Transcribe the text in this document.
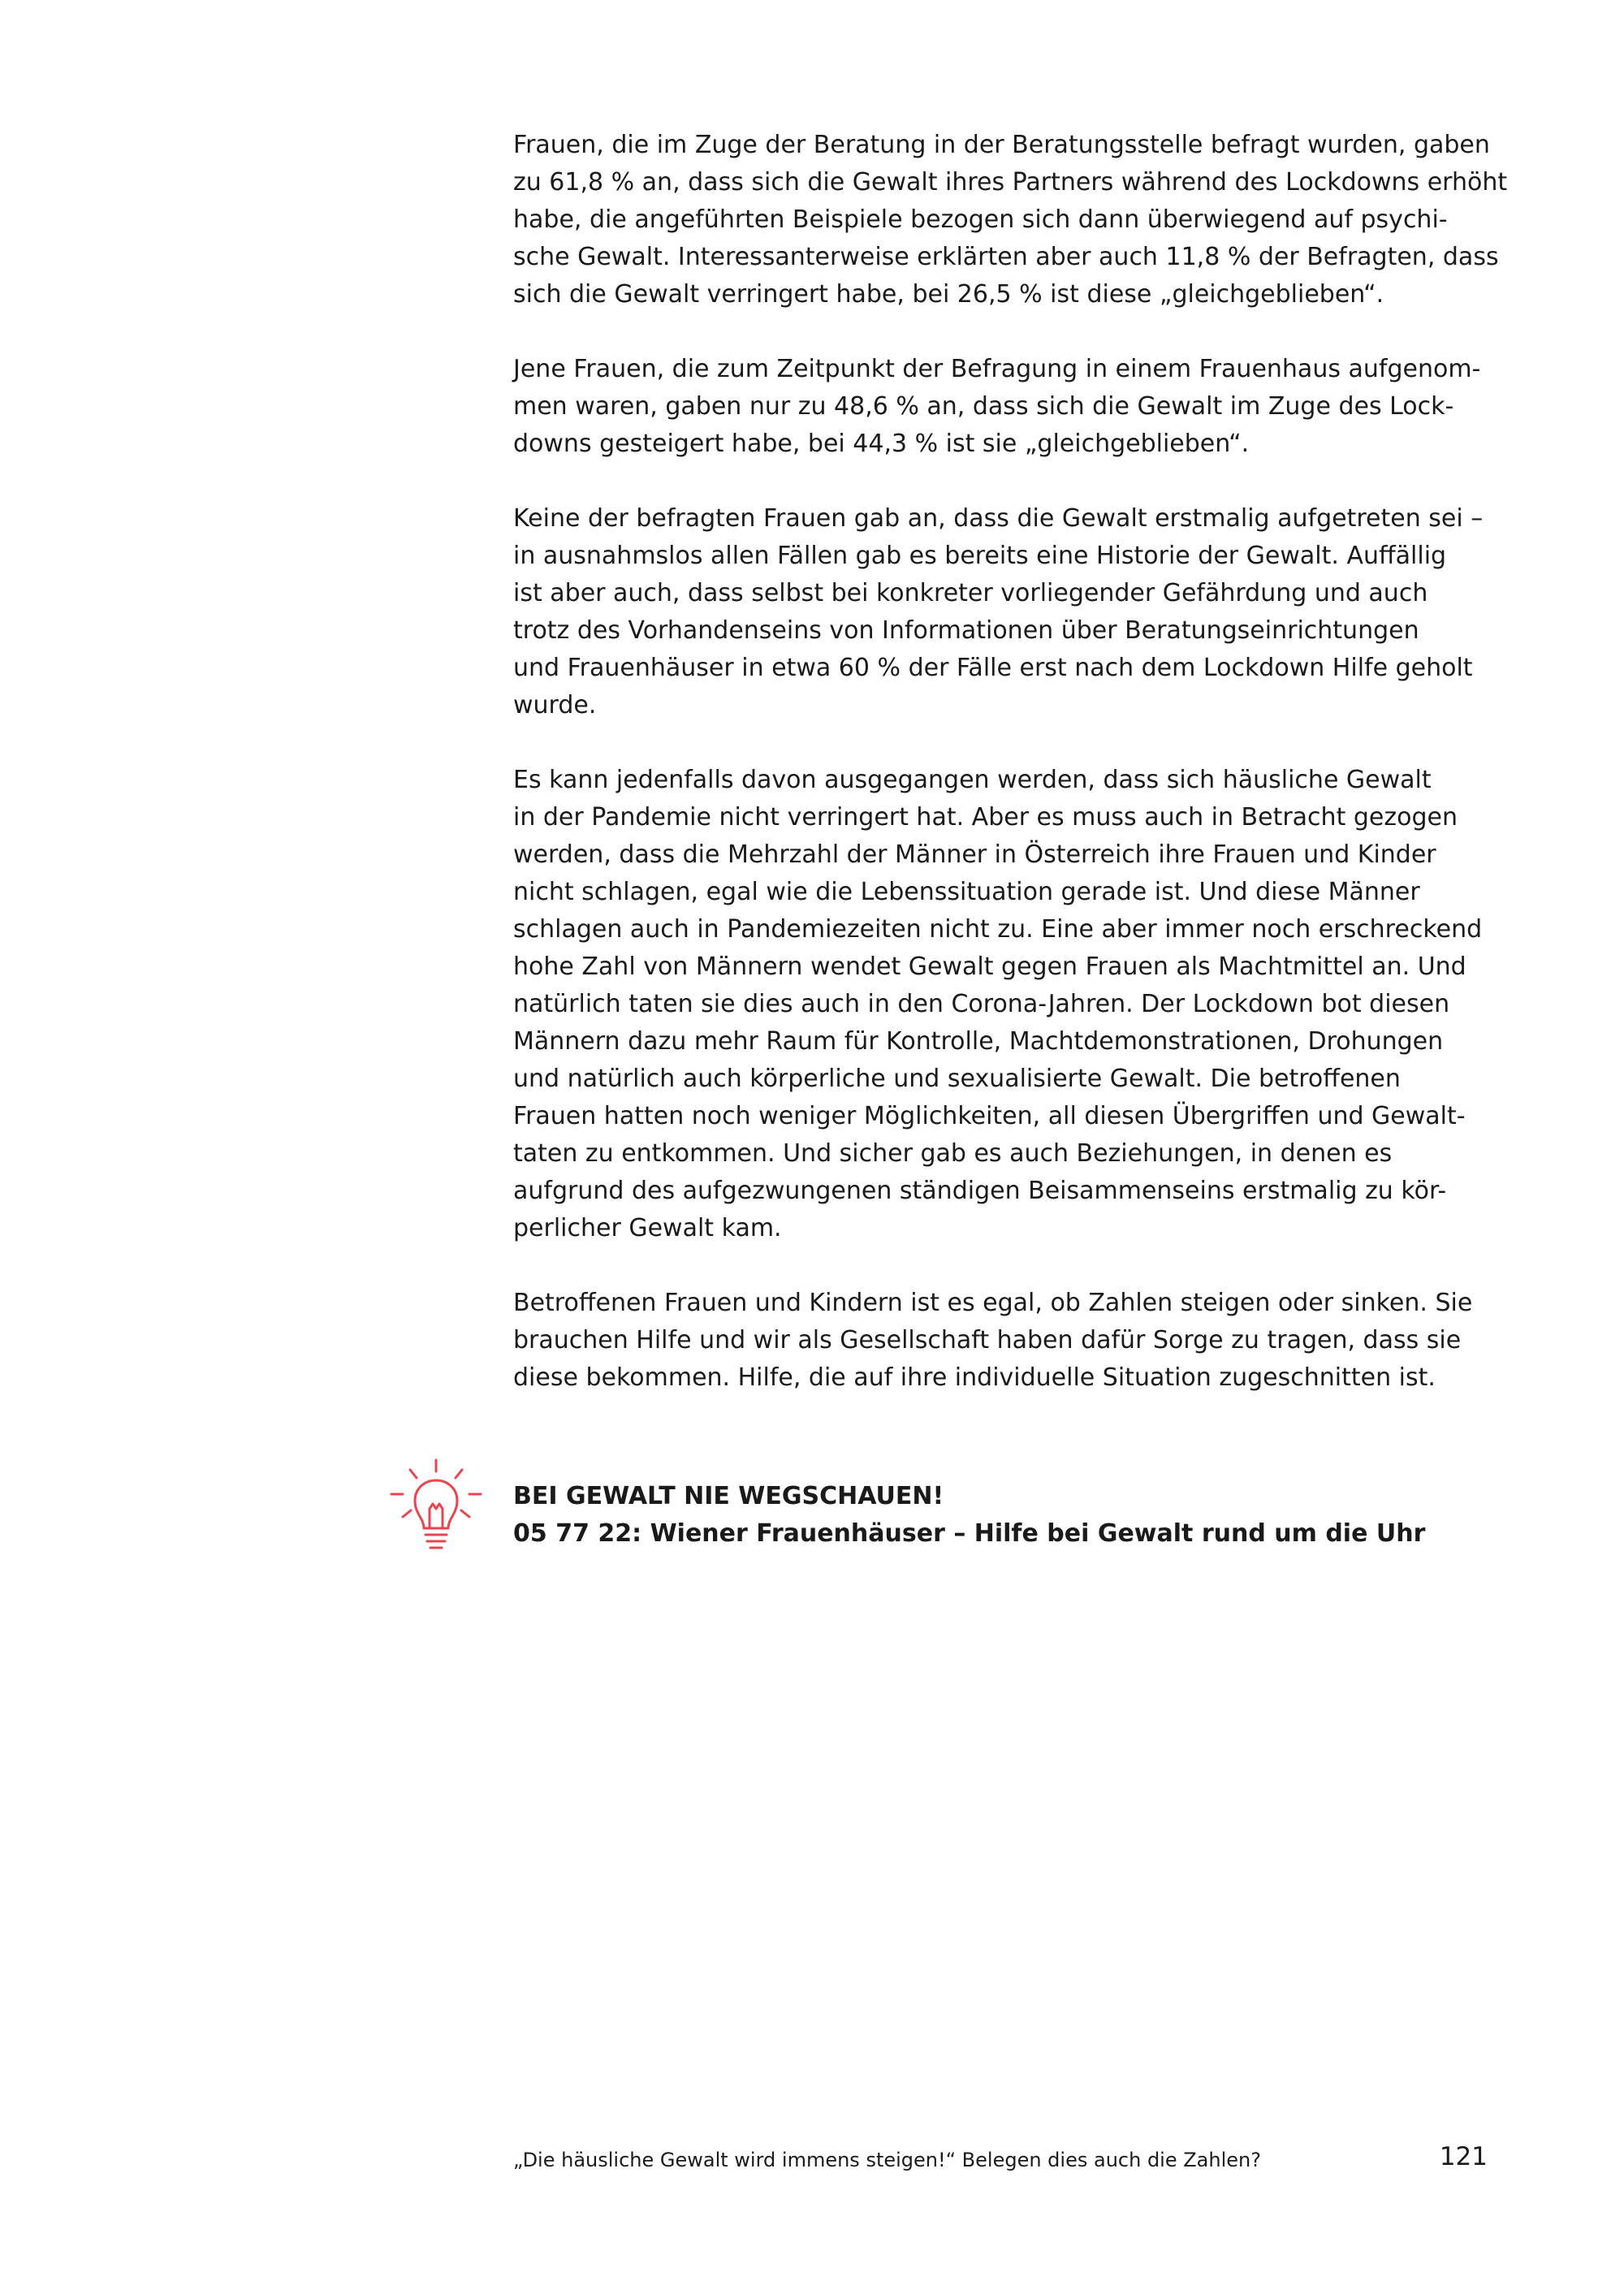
Frauen, die im Zuge der Beratung in der Beratungsstelle befragt wurden, gaben
zu 61,8 % an, dass sich die Gewalt ihres Partners während des Lockdowns erhöht
habe, die angeführten Beispiele bezogen sich dann überwiegend auf psychi-
sche Gewalt. Interessanterweise erklärten aber auch 11,8 % der Befragten, dass
sich die Gewalt verringert habe, bei 26,5 % ist diese „gleichgeblieben“.

Jene Frauen, die zum Zeitpunkt der Befragung in einem Frauenhaus aufgenom-
men waren, gaben nur zu 48,6 % an, dass sich die Gewalt im Zuge des Lock-
downs gesteigert habe, bei 44,3 % ist sie „gleichgeblieben“.

Keine der befragten Frauen gab an, dass die Gewalt erstmalig aufgetreten sei –
in ausnahmslos allen Fällen gab es bereits eine Historie der Gewalt. Auffällig
ist aber auch, dass selbst bei konkreter vorliegender Gefährdung und auch
trotz des Vorhandenseins von Informationen über Beratungseinrichtungen
und Frauenhäuser in etwa 60 % der Fälle erst nach dem Lockdown Hilfe geholt
wurde.

Es kann jedenfalls davon ausgegangen werden, dass sich häusliche Gewalt
in der Pandemie nicht verringert hat. Aber es muss auch in Betracht gezogen
werden, dass die Mehrzahl der Männer in Österreich ihre Frauen und Kinder
nicht schlagen, egal wie die Lebenssituation gerade ist. Und diese Männer
schlagen auch in Pandemiezeiten nicht zu. Eine aber immer noch erschreckend
hohe Zahl von Männern wendet Gewalt gegen Frauen als Machtmittel an. Und
natürlich taten sie dies auch in den Corona-Jahren. Der Lockdown bot diesen
Männern dazu mehr Raum für Kontrolle, Machtdemonstrationen, Drohungen
und natürlich auch körperliche und sexualisierte Gewalt. Die betroffenen
Frauen hatten noch weniger Möglichkeiten, all diesen Übergriffen und Gewalt-
taten zu entkommen. Und sicher gab es auch Beziehungen, in denen es
aufgrund des aufgezwungenen ständigen Beisammenseins erstmalig zu kör-
perlicher Gewalt kam.

Betroffenen Frauen und Kindern ist es egal, ob Zahlen steigen oder sinken. Sie
brauchen Hilfe und wir als Gesellschaft haben dafür Sorge zu tragen, dass sie
diese bekommen. Hilfe, die auf ihre individuelle Situation zugeschnitten ist.

BEI GEWALT NIE WEGSCHAUEN!
05 77 22: Wiener Frauenhäuser – Hilfe bei Gewalt rund um die Uhr
„Die häusliche Gewalt wird immens steigen!“ Belegen dies auch die Zahlen?	121
